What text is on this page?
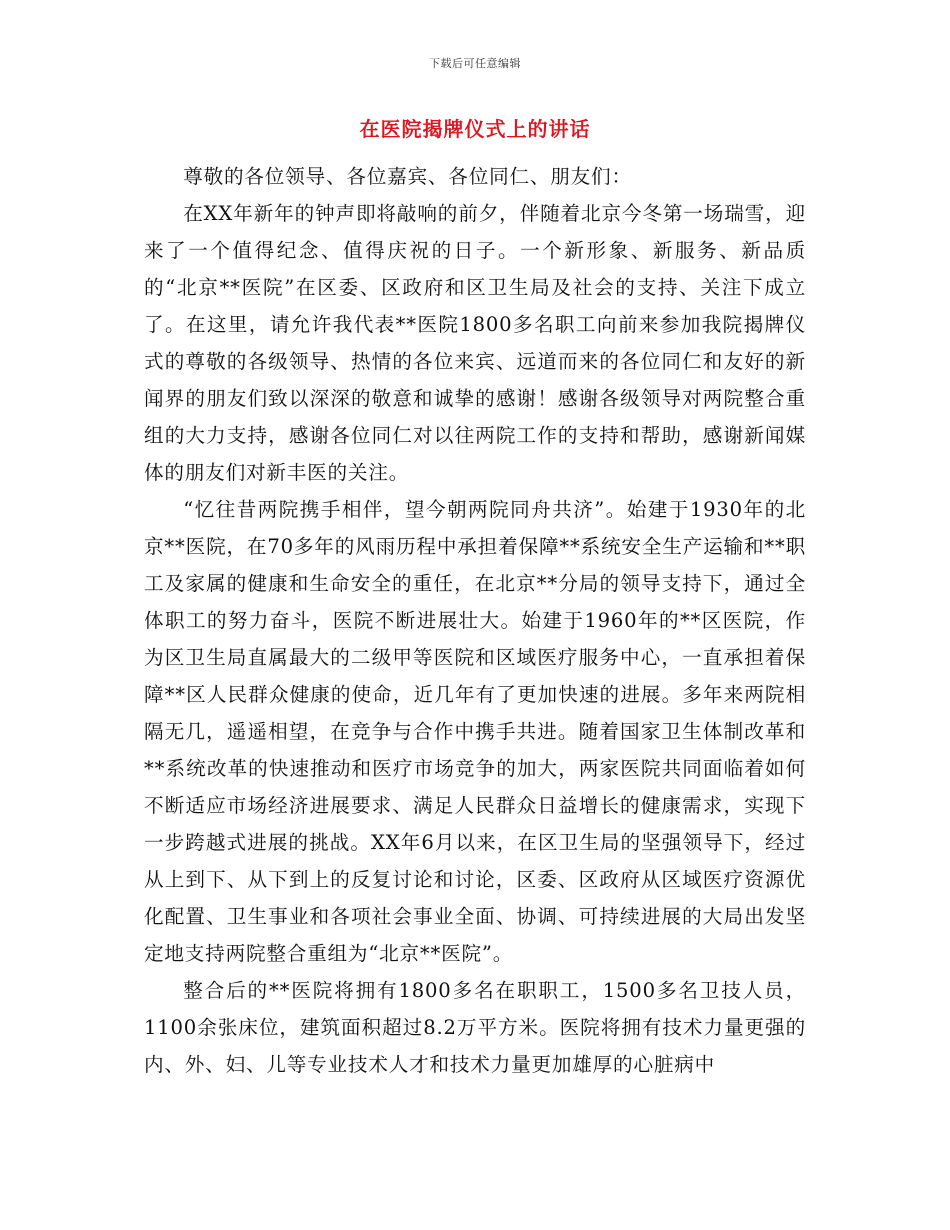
下载后可任意编辑
在医院揭牌仪式上的讲话

尊敬的各位领导、各位嘉宾、各位同仁、朋友们：

在XX年新年的钟声即将敲响的前夕，伴随着北京今冬第一场瑞雪，迎来了一个值得纪念、值得庆祝的日子。一个新形象、新服务、新品质的“北京**医院”在区委、区政府和区卫生局及社会的支持、关注下成立了。在这里，请允许我代表**医院1800多名职工向前来参加我院揭牌仪式的尊敬的各级领导、热情的各位来宾、远道而来的各位同仁和友好的新闻界的朋友们致以深深的敬意和诚挚的感谢！感谢各级领导对两院整合重组的大力支持，感谢各位同仁对以往两院工作的支持和帮助，感谢新闻媒体的朋友们对新丰医的关注。

“忆往昔两院携手相伴，望今朝两院同舟共济”。始建于1930年的北京**医院，在70多年的风雨历程中承担着保障**系统安全生产运输和**职工及家属的健康和生命安全的重任，在北京**分局的领导支持下，通过全体职工的努力奋斗，医院不断进展壮大。始建于1960年的**区医院，作为区卫生局直属最大的二级甲等医院和区域医疗服务中心，一直承担着保障**区人民群众健康的使命，近几年有了更加快速的进展。多年来两院相隔无几，遥遥相望，在竞争与合作中携手共进。随着国家卫生体制改革和**系统改革的快速推动和医疗市场竞争的加大，两家医院共同面临着如何不断适应市场经济进展要求、满足人民群众日益增长的健康需求，实现下一步跨越式进展的挑战。XX年6月以来，在区卫生局的坚强领导下，经过从上到下、从下到上的反复讨论和讨论，区委、区政府从区域医疗资源优化配置、卫生事业和各项社会事业全面、协调、可持续进展的大局出发坚定地支持两院整合重组为“北京**医院”。

整合后的**医院将拥有1800多名在职职工，1500多名卫技人员，1100余张床位，建筑面积超过8.2万平方米。医院将拥有技术力量更强的内、外、妇、儿等专业技术人才和技术力量更加雄厚的心脏病中
